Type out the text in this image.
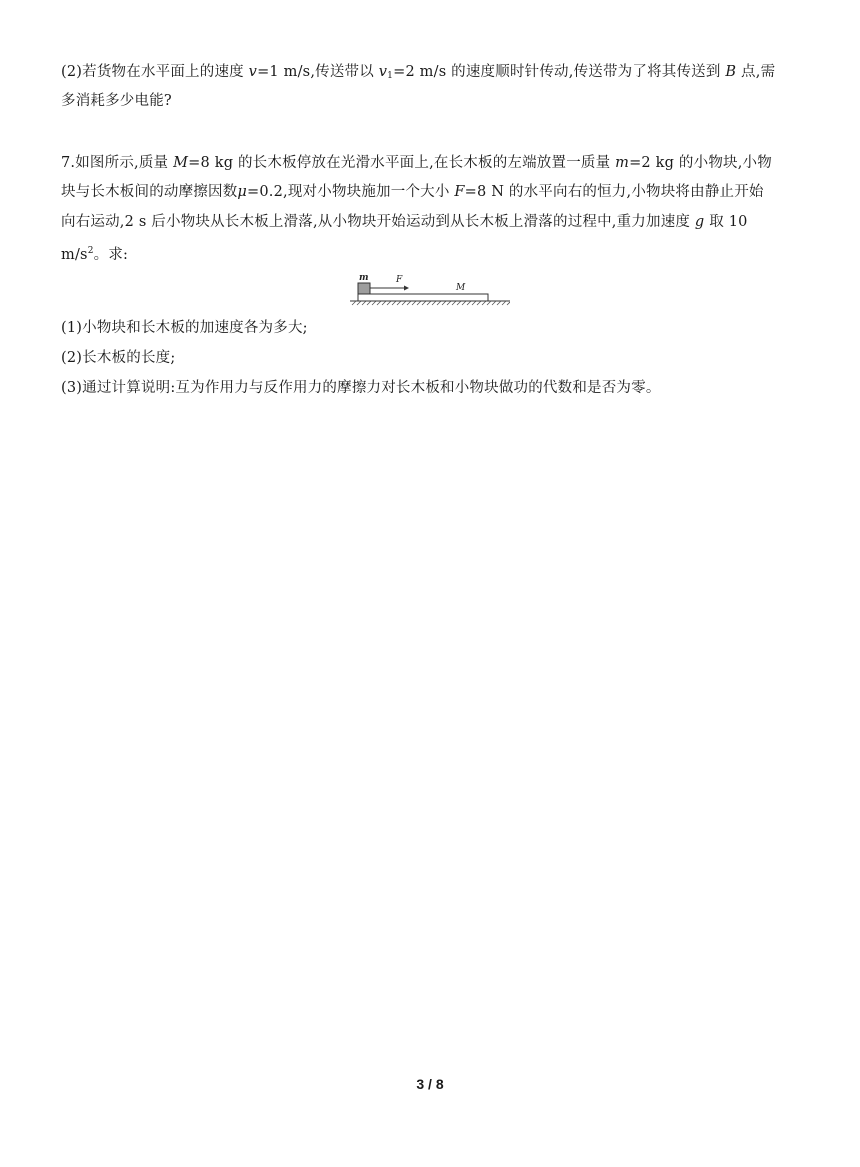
(2)若货物在水平面上的速度 v=1 m/s,传送带以 $v_1=2$ m/s 的速度顺时针传动,传送带为了将其传送到 B 点,需
多消耗多少电能?
7.如图所示,质量 M=8 kg 的长木板停放在光滑水平面上,在长木板的左端放置一质量 m=2 kg 的小物块,小物
块与长木板间的动摩擦因数μ=0.2,现对小物块施加一个大小 F=8 N 的水平向右的恒力,小物块将由静止开始
向右运动,2 s 后小物块从长木板上滑落,从小物块开始运动到从长木板上滑落的过程中,重力加速度 g 取 10
$m/s^2$。求:
m	F
M
(1)小物块和长木板的加速度各为多大;
(2)长木板的长度;
(3)通过计算说明:互为作用力与反作用力的摩擦力对长木板和小物块做功的代数和是否为零。
3 / 8
